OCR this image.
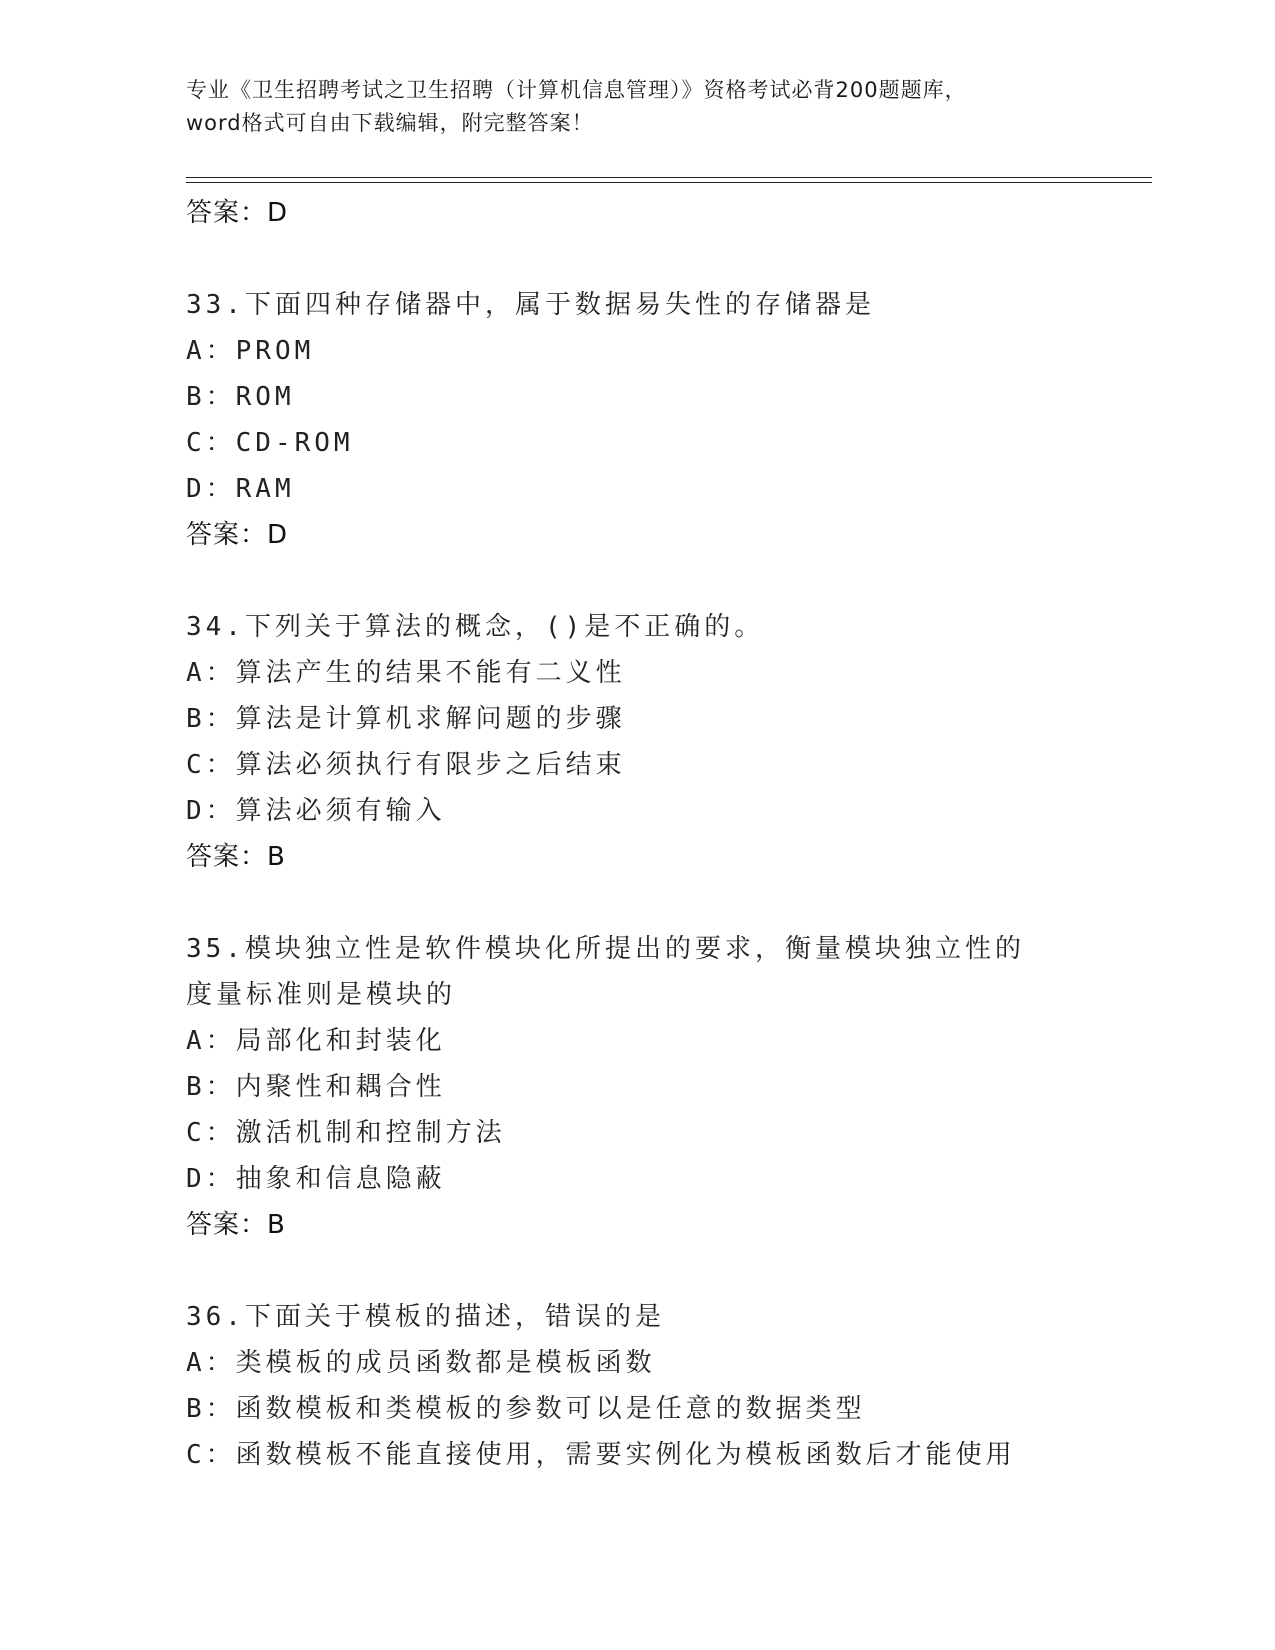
专业《卫生招聘考试之卫生招聘（计算机信息管理）》资格考试必背200题题库，
word格式可自由下载编辑，附完整答案！
答案：D
33.下面四种存储器中，属于数据易失性的存储器是
A：PROM
B：ROM
C：CD-ROM
D：RAM
答案：D
34.下列关于算法的概念，()是不正确的。
A：算法产生的结果不能有二义性
B：算法是计算机求解问题的步骤
C：算法必须执行有限步之后结束
D：算法必须有输入
答案：B
35.模块独立性是软件模块化所提出的要求，衡量模块独立性的度量标准则是模块的
A：局部化和封装化
B：内聚性和耦合性
C：激活机制和控制方法
D：抽象和信息隐蔽
答案：B
36.下面关于模板的描述，错误的是
A：类模板的成员函数都是模板函数
B：函数模板和类模板的参数可以是任意的数据类型
C：函数模板不能直接使用，需要实例化为模板函数后才能使用
